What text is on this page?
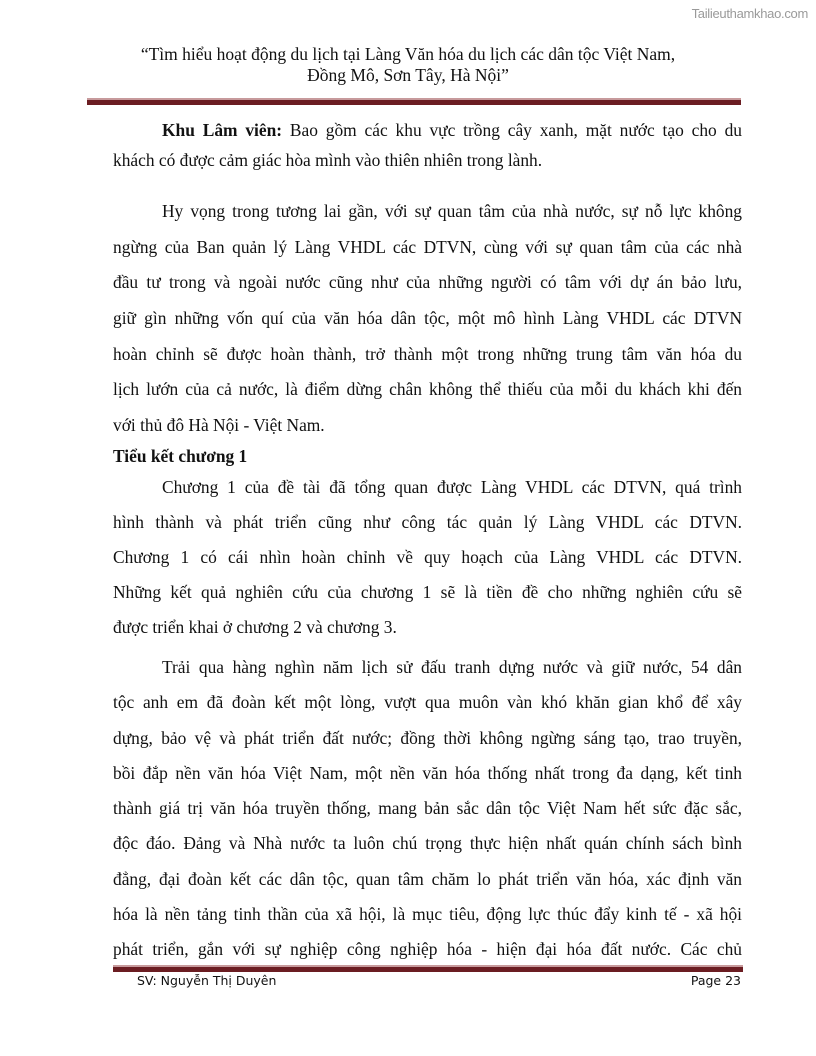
Tailieuthamkhao.com
“Tìm hiểu hoạt động du lịch tại Làng Văn hóa du lịch các dân tộc Việt Nam,
Đồng Mô, Sơn Tây, Hà Nội”
Khu Lâm viên: Bao gồm các khu vực trồng cây xanh, mặt nước tạo cho du
khách có được cảm giác hòa mình vào thiên nhiên trong lành.
Hy vọng trong tương lai gần, với sự quan tâm của nhà nước, sự nỗ lực không
ngừng của Ban quản lý Làng VHDL các DTVN, cùng với sự quan tâm của các nhà
đầu tư trong và ngoài nước cũng như của những người có tâm với dự án bảo lưu,
giữ gìn những vốn quí của văn hóa dân tộc, một mô hình Làng VHDL các DTVN
hoàn chỉnh sẽ được hoàn thành, trở thành một trong những trung tâm văn hóa du
lịch lướn của cả nước, là điểm dừng chân không thể thiếu của mỗi du khách khi đến
với thủ đô Hà Nội - Việt Nam.
Tiểu kết chương 1
Chương 1 của đề tài đã tổng quan được Làng VHDL các DTVN, quá trình
hình thành và phát triển cũng như công tác quản lý Làng VHDL các DTVN.
Chương 1 có cái nhìn hoàn chỉnh về quy hoạch của Làng VHDL các DTVN.
Những kết quả nghiên cứu của chương 1 sẽ là tiền đề cho những nghiên cứu sẽ
được triển khai ở chương 2 và chương 3.
Trải qua hàng nghìn năm lịch sử đấu tranh dựng nước và giữ nước, 54 dân
tộc anh em đã đoàn kết một lòng, vượt qua muôn vàn khó khăn gian khổ để xây
dựng, bảo vệ và phát triển đất nước; đồng thời không ngừng sáng tạo, trao truyền,
bồi đắp nền văn hóa Việt Nam, một nền văn hóa thống nhất trong đa dạng, kết tinh
thành giá trị văn hóa truyền thống, mang bản sắc dân tộc Việt Nam hết sức đặc sắc,
độc đáo. Đảng và Nhà nước ta luôn chú trọng thực hiện nhất quán chính sách bình
đẳng, đại đoàn kết các dân tộc, quan tâm chăm lo phát triển văn hóa, xác định văn
hóa là nền tảng tinh thần của xã hội, là mục tiêu, động lực thúc đẩy kinh tế - xã hội
phát triển, gắn với sự nghiệp công nghiệp hóa - hiện đại hóa đất nước. Các chủ
SV: Nguyễn Thị Duyên	Page 23
